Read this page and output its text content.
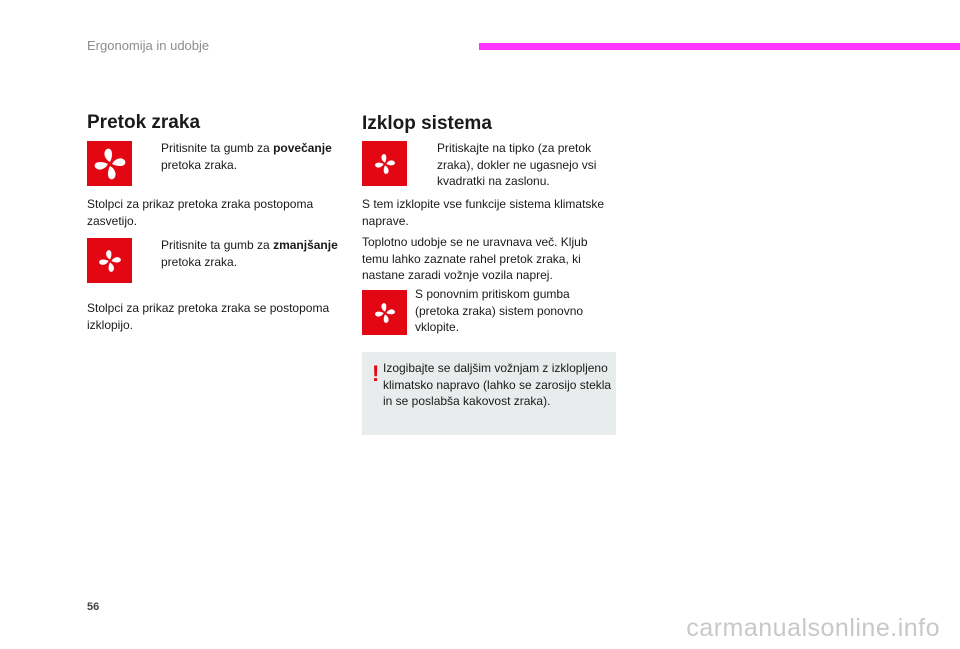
Ergonomija in udobje
Pretok zraka
Pritisnite ta gumb za povečanje pretoka zraka.
Stolpci za prikaz pretoka zraka postopoma zasvetijo.
Pritisnite ta gumb za zmanjšanje pretoka zraka.
Stolpci za prikaz pretoka zraka se postopoma izklopijo.
Izklop sistema
Pritiskajte na tipko (za pretok zraka), dokler ne ugasnejo vsi kvadratki na zaslonu.
S tem izklopite vse funkcije sistema klimatske naprave.
Toplotno udobje se ne uravnava več. Kljub temu lahko zaznate rahel pretok zraka, ki nastane zaradi vožnje vozila naprej.
S ponovnim pritiskom gumba (pretoka zraka) sistem ponovno vklopite.
! Izogibajte se daljšim vožnjam z izklopljeno klimatsko napravo (lahko se zarosijo stekla in se poslabša kakovost zraka).
56
carmanualsonline.info
